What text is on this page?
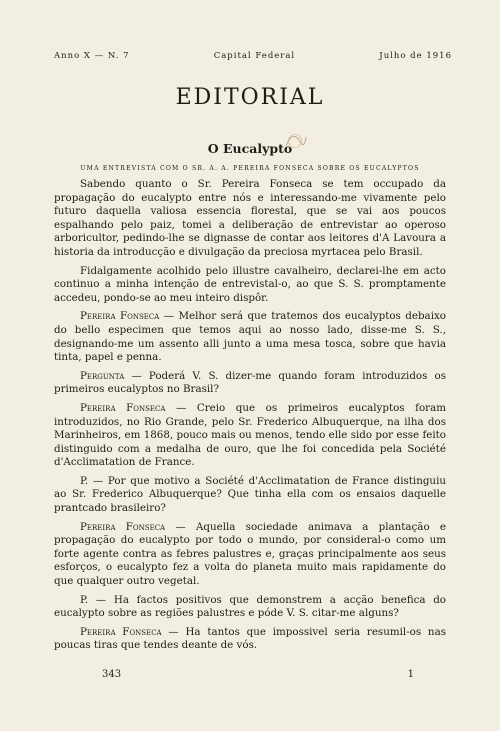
Anno X — N. 7	Capital Federal	Julho de 1916
EDITORIAL
O Eucalypto
UMA ENTREVISTA COM O SR. A. A. PEREIRA FONSECA SOBRE OS EUCALYPTOS

Sabendo quanto o Sr. Pereira Fonseca se tem occupado da propagação do eucalypto entre nós e interessando-me vivamente pelo futuro daquella valiosa essencia florestal, que se vai aos poucos espalhando pelo paiz, tomei a deliberação de entrevistar ao operoso arboricultor, pedindo-lhe se dignasse de contar aos leitores d'A Lavoura a historia da introducção e divulgação da preciosa myrtacea pelo Brasil.

Fidalgamente acolhido pelo illustre cavalheiro, declarei-lhe em acto continuo a minha intenção de entrevistal-o, ao que S. S. promptamente accedeu, pondo-se ao meu inteiro dispôr.

Pereira Fonseca — Melhor será que tratemos dos eucalyptos debaixo do bello especimen que temos aqui ao nosso lado, disse-me S. S., designando-me um assento alli junto a uma mesa tosca, sobre que havia tinta, papel e penna.

Pergunta — Poderá V. S. dizer-me quando foram introduzidos os primeiros eucalyptos no Brasil?

Pereira Fonseca — Creio que os primeiros eucalyptos foram introduzidos, no Rio Grande, pelo Sr. Frederico Albuquerque, na ilha dos Marinheiros, em 1868, pouco mais ou menos, tendo elle sido por esse feito distinguido com a medalha de ouro, que lhe foi concedida pela Société d'Acclimatation de France.

P. — Por que motivo a Société d'Acclimatation de France distinguiu ao Sr. Frederico Albuquerque? Que tinha ella com os ensaios daquelle prantcado brasileiro?

Pereira Fonseca — Aquella sociedade animava a plantação e propagação do eucalypto por todo o mundo, por consideral-o como um forte agente contra as febres palustres e, graças principalmente aos seus esforços, o eucalypto fez a volta do planeta muito mais rapidamente do que qualquer outro vegetal.

P. — Ha factos positivos que demonstrem a acção benefica do eucalypto sobre as regiões palustres e póde V. S. citar-me alguns?

Pereira Fonseca — Ha tantos que impossivel seria resumil-os nas poucas tiras que tendes deante de vós.

343	1
